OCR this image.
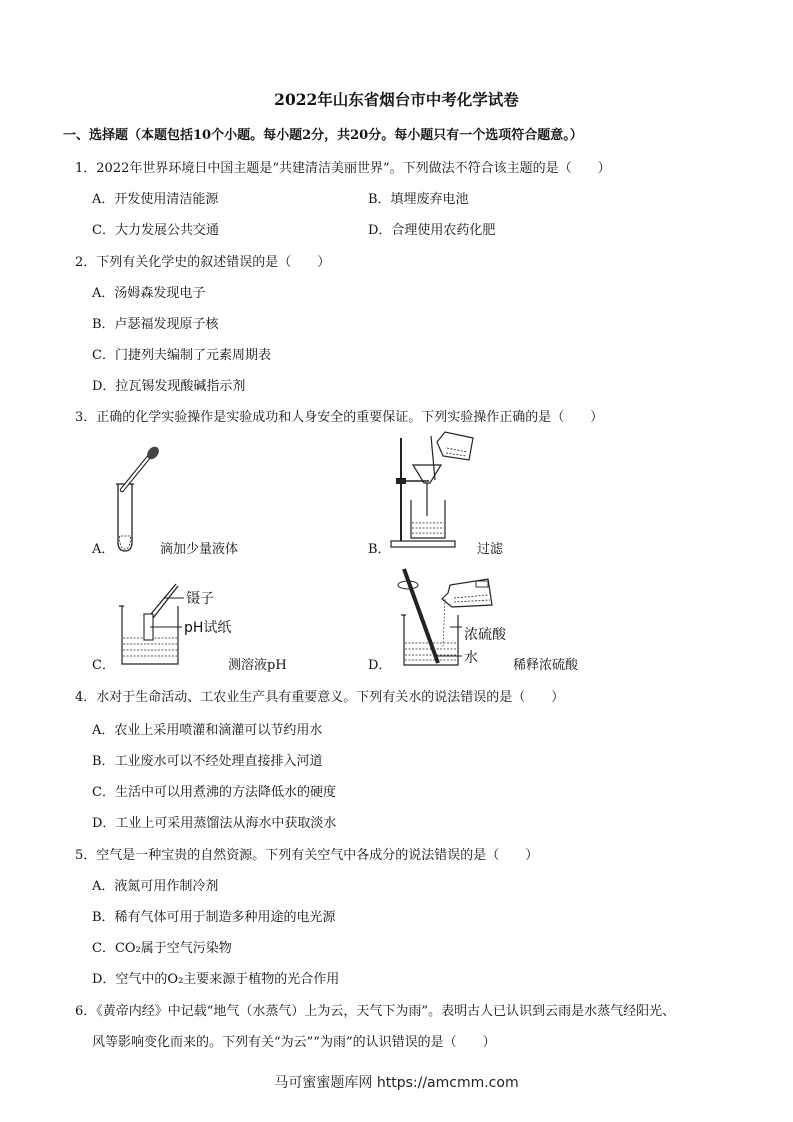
2022年山东省烟台市中考化学试卷
一、选择题（本题包括10个小题。每小题2分，共20分。每小题只有一个选项符合题意。）
1．2022年世界环境日中国主题是“共建清洁美丽世界”。下列做法不符合该主题的是（　　）
A．开发使用清洁能源	B．填埋废弃电池
C．大力发展公共交通	D．合理使用农药化肥
2．下列有关化学史的叙述错误的是（　　）
A．汤姆森发现电子
B．卢瑟福发现原子核
C．门捷列夫编制了元素周期表
D．拉瓦锡发现酸碱指示剂
3．正确的化学实验操作是实验成功和人身安全的重要保证。下列实验操作正确的是（　　）
A．	滴加少量液体	B．	过滤
镊子
pH试纸
C．	测溶液pH
浓硫酸
水
D．	稀释浓硫酸
4．水对于生命活动、工农业生产具有重要意义。下列有关水的说法错误的是（　　）
A．农业上采用喷灌和滴灌可以节约用水
B．工业废水可以不经处理直接排入河道
C．生活中可以用煮沸的方法降低水的硬度
D．工业上可采用蒸馏法从海水中获取淡水
5．空气是一种宝贵的自然资源。下列有关空气中各成分的说法错误的是（　　）
A．液氮可用作制冷剂
B．稀有气体可用于制造多种用途的电光源
C．CO₂属于空气污染物
D．空气中的O₂主要来源于植物的光合作用
6．《黄帝内经》中记载“地气（水蒸气）上为云，天气下为雨”。表明古人已认识到云雨是水蒸气经阳光、
风等影响变化而来的。下列有关“为云”“为雨”的认识错误的是（　　）
马可蜜蜜题库网 https://amcmm.com
